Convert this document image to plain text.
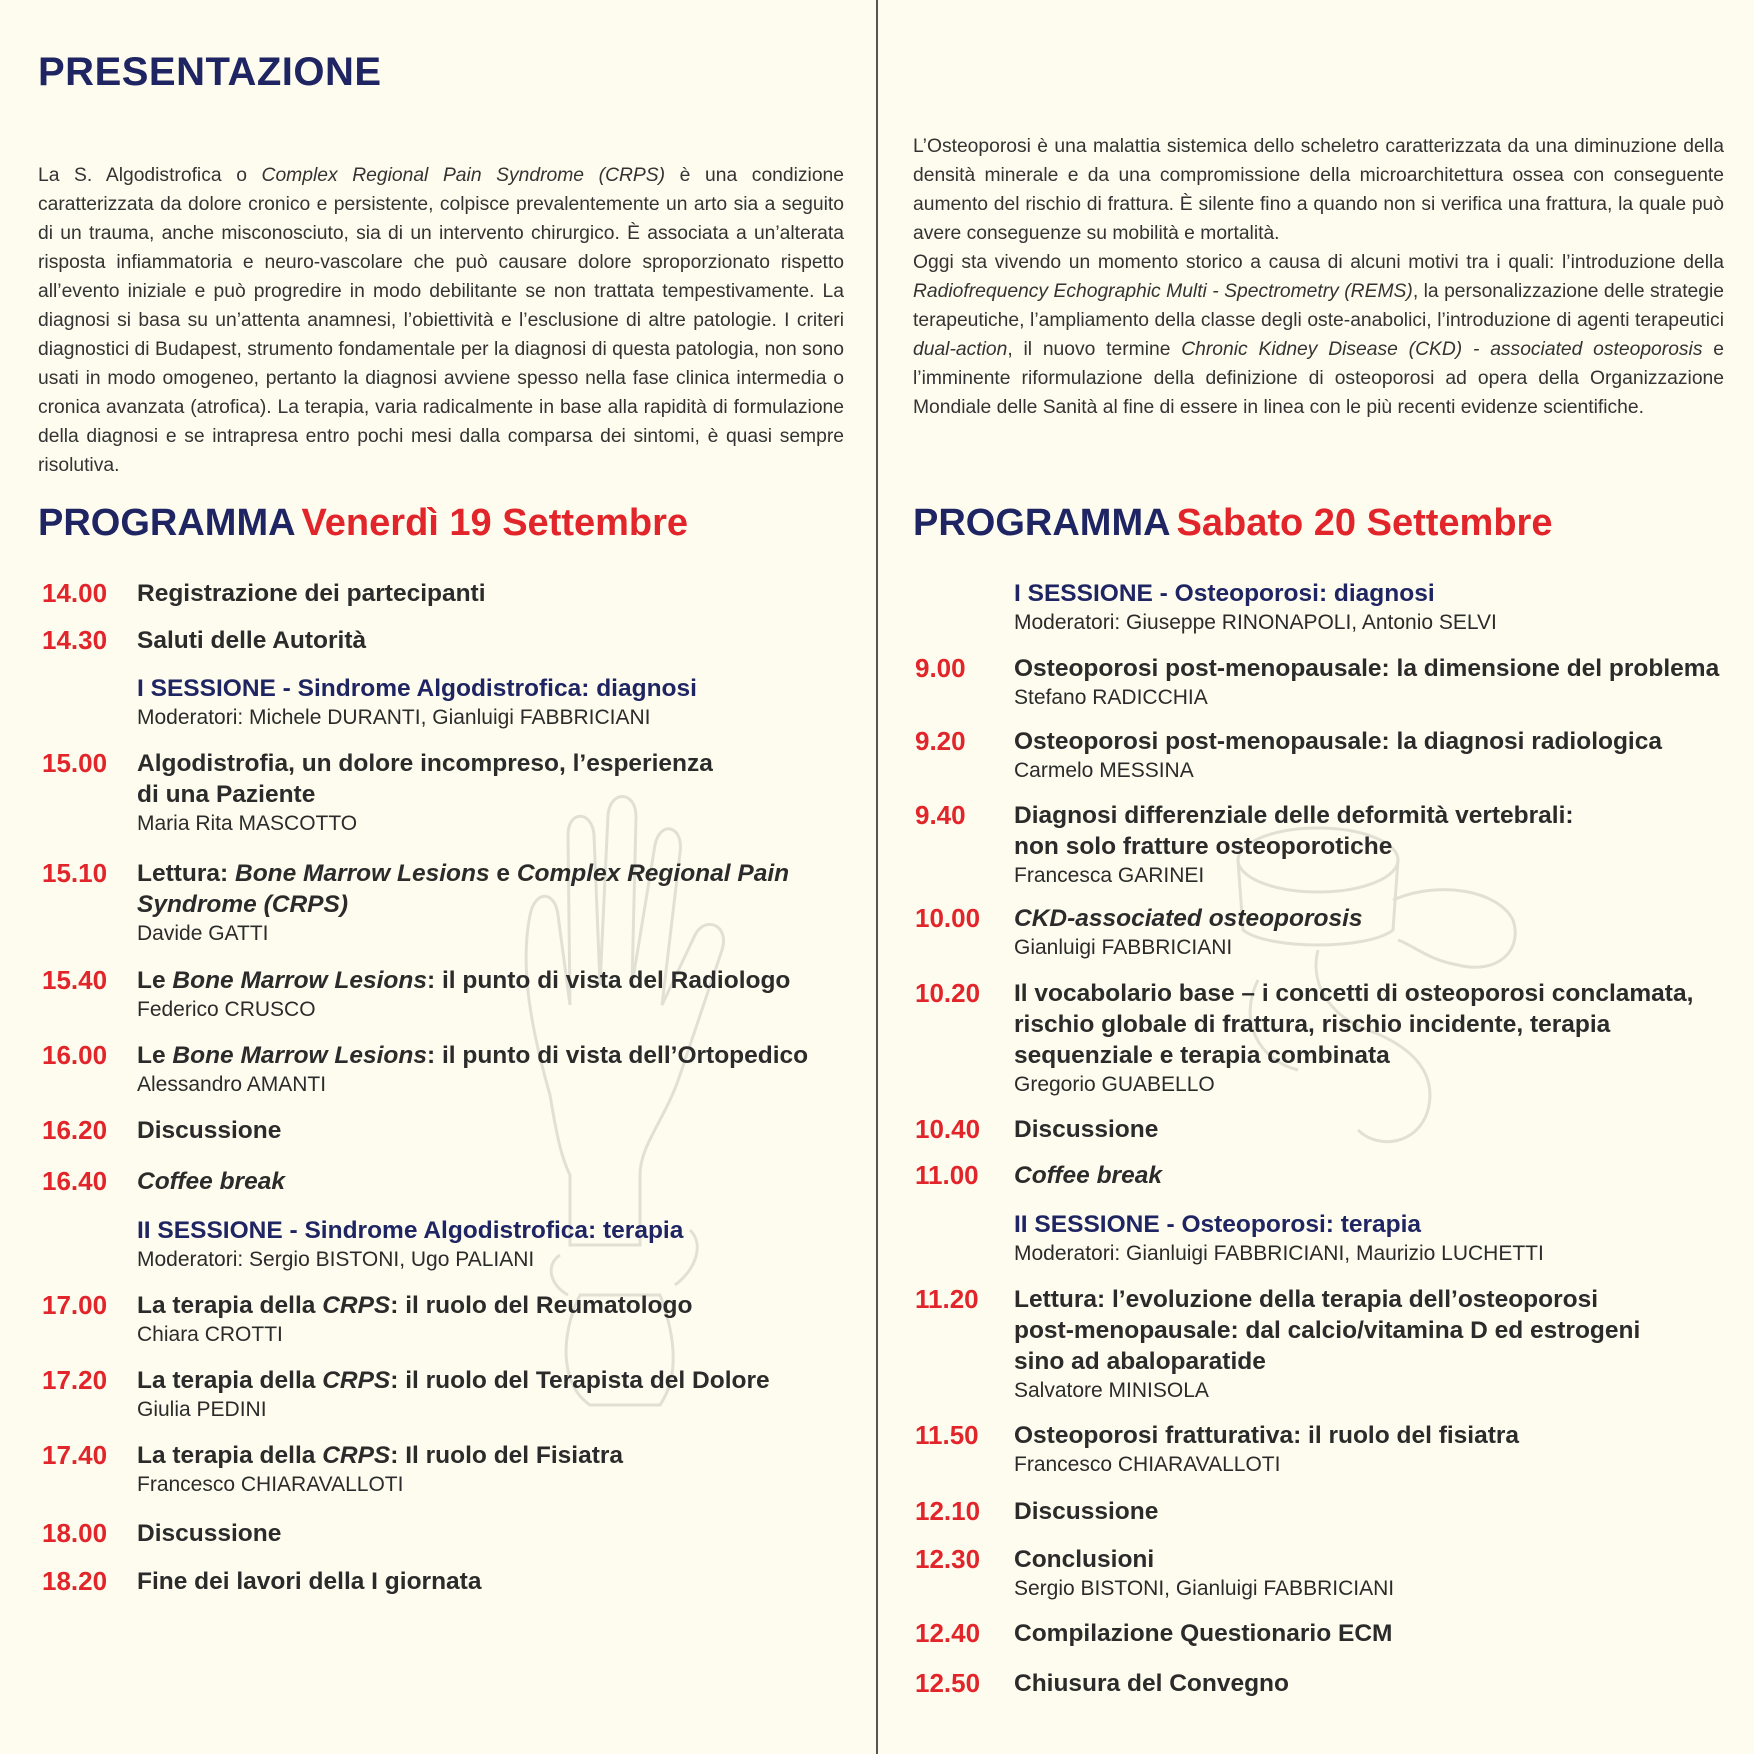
PRESENTAZIONE
La S. Algodistrofica o Complex Regional Pain Syndrome (CRPS) è una condizione caratterizzata da dolore cronico e persistente, colpisce prevalentemente un arto sia a seguito di un trauma, anche misconosciuto, sia di un intervento chirurgico. È associata a un’alterata risposta infiammatoria e neuro-vascolare che può causare dolore sproporzionato rispetto all’evento iniziale e può progredire in modo debilitante se non trattata tempestivamente. La diagnosi si basa su un’attenta anamnesi, l’obiettività e l’esclusione di altre patologie. I criteri diagnostici di Budapest, strumento fondamentale per la diagnosi di questa patologia, non sono usati in modo omogeneo, pertanto la diagnosi avviene spesso nella fase clinica intermedia o cronica avanzata (atrofica). La terapia, varia radicalmente in base alla rapidità di formulazione della diagnosi e se intrapresa entro pochi mesi dalla comparsa dei sintomi, è quasi sempre risolutiva.
PROGRAMMA Venerdì 19 Settembre
14.00 Registrazione dei partecipanti
14.30 Saluti delle Autorità
I SESSIONE - Sindrome Algodistrofica: diagnosi
Moderatori: Michele DURANTI, Gianluigi FABBRICIANI
15.00 Algodistrofia, un dolore incompreso, l’esperienza
di una Paziente
Maria Rita MASCOTTO
15.10 Lettura: Bone Marrow Lesions e Complex Regional Pain
Syndrome (CRPS)
Davide GATTI
15.40 Le Bone Marrow Lesions: il punto di vista del Radiologo
Federico CRUSCO
16.00 Le Bone Marrow Lesions: il punto di vista dell’Ortopedico
Alessandro AMANTI
16.20 Discussione
16.40 Coffee break
II SESSIONE - Sindrome Algodistrofica: terapia
Moderatori: Sergio BISTONI, Ugo PALIANI
17.00 La terapia della CRPS: il ruolo del Reumatologo
Chiara CROTTI
17.20 La terapia della CRPS: il ruolo del Terapista del Dolore
Giulia PEDINI
17.40 La terapia della CRPS: Il ruolo del Fisiatra
Francesco CHIARAVALLOTI
18.00 Discussione
18.20 Fine dei lavori della I giornata

L’Osteoporosi è una malattia sistemica dello scheletro caratterizzata da una diminuzione della densità minerale e da una compromissione della microarchitettura ossea con conseguente aumento del rischio di frattura. È silente fino a quando non si verifica una frattura, la quale può avere conseguenze su mobilità e mortalità.

Oggi sta vivendo un momento storico a causa di alcuni motivi tra i quali: l’introduzione della Radiofrequency Echographic Multi - Spectrometry (REMS), la personalizzazione delle strategie terapeutiche, l’ampliamento della classe degli oste-anabolici, l’introduzione di agenti terapeutici dual-action, il nuovo termine Chronic Kidney Disease (CKD) - associated osteoporosis e l’imminente riformulazione della definizione di osteoporosi ad opera della Organizzazione Mondiale delle Sanità al fine di essere in linea con le più recenti evidenze scientifiche.

PROGRAMMA Sabato 20 Settembre
I SESSIONE - Osteoporosi: diagnosi
Moderatori: Giuseppe RINONAPOLI, Antonio SELVI
9.00 Osteoporosi post-menopausale: la dimensione del problema
Stefano RADICCHIA
9.20 Osteoporosi post-menopausale: la diagnosi radiologica
Carmelo MESSINA
9.40 Diagnosi differenziale delle deformità vertebrali:
non solo fratture osteoporotiche
Francesca GARINEI
10.00 CKD-associated osteoporosis
Gianluigi FABBRICIANI
10.20 Il vocabolario base – i concetti di osteoporosi conclamata,
rischio globale di frattura, rischio incidente, terapia
sequenziale e terapia combinata
Gregorio GUABELLO
10.40 Discussione
11.00 Coffee break
II SESSIONE - Osteoporosi: terapia
Moderatori: Gianluigi FABBRICIANI, Maurizio LUCHETTI
11.20 Lettura: l’evoluzione della terapia dell’osteoporosi
post-menopausale: dal calcio/vitamina D ed estrogeni
sino ad abaloparatide
Salvatore MINISOLA
11.50 Osteoporosi fratturativa: il ruolo del fisiatra
Francesco CHIARAVALLOTI
12.10 Discussione
12.30 Conclusioni
Sergio BISTONI, Gianluigi FABBRICIANI
12.40 Compilazione Questionario ECM
12.50 Chiusura del Convegno
